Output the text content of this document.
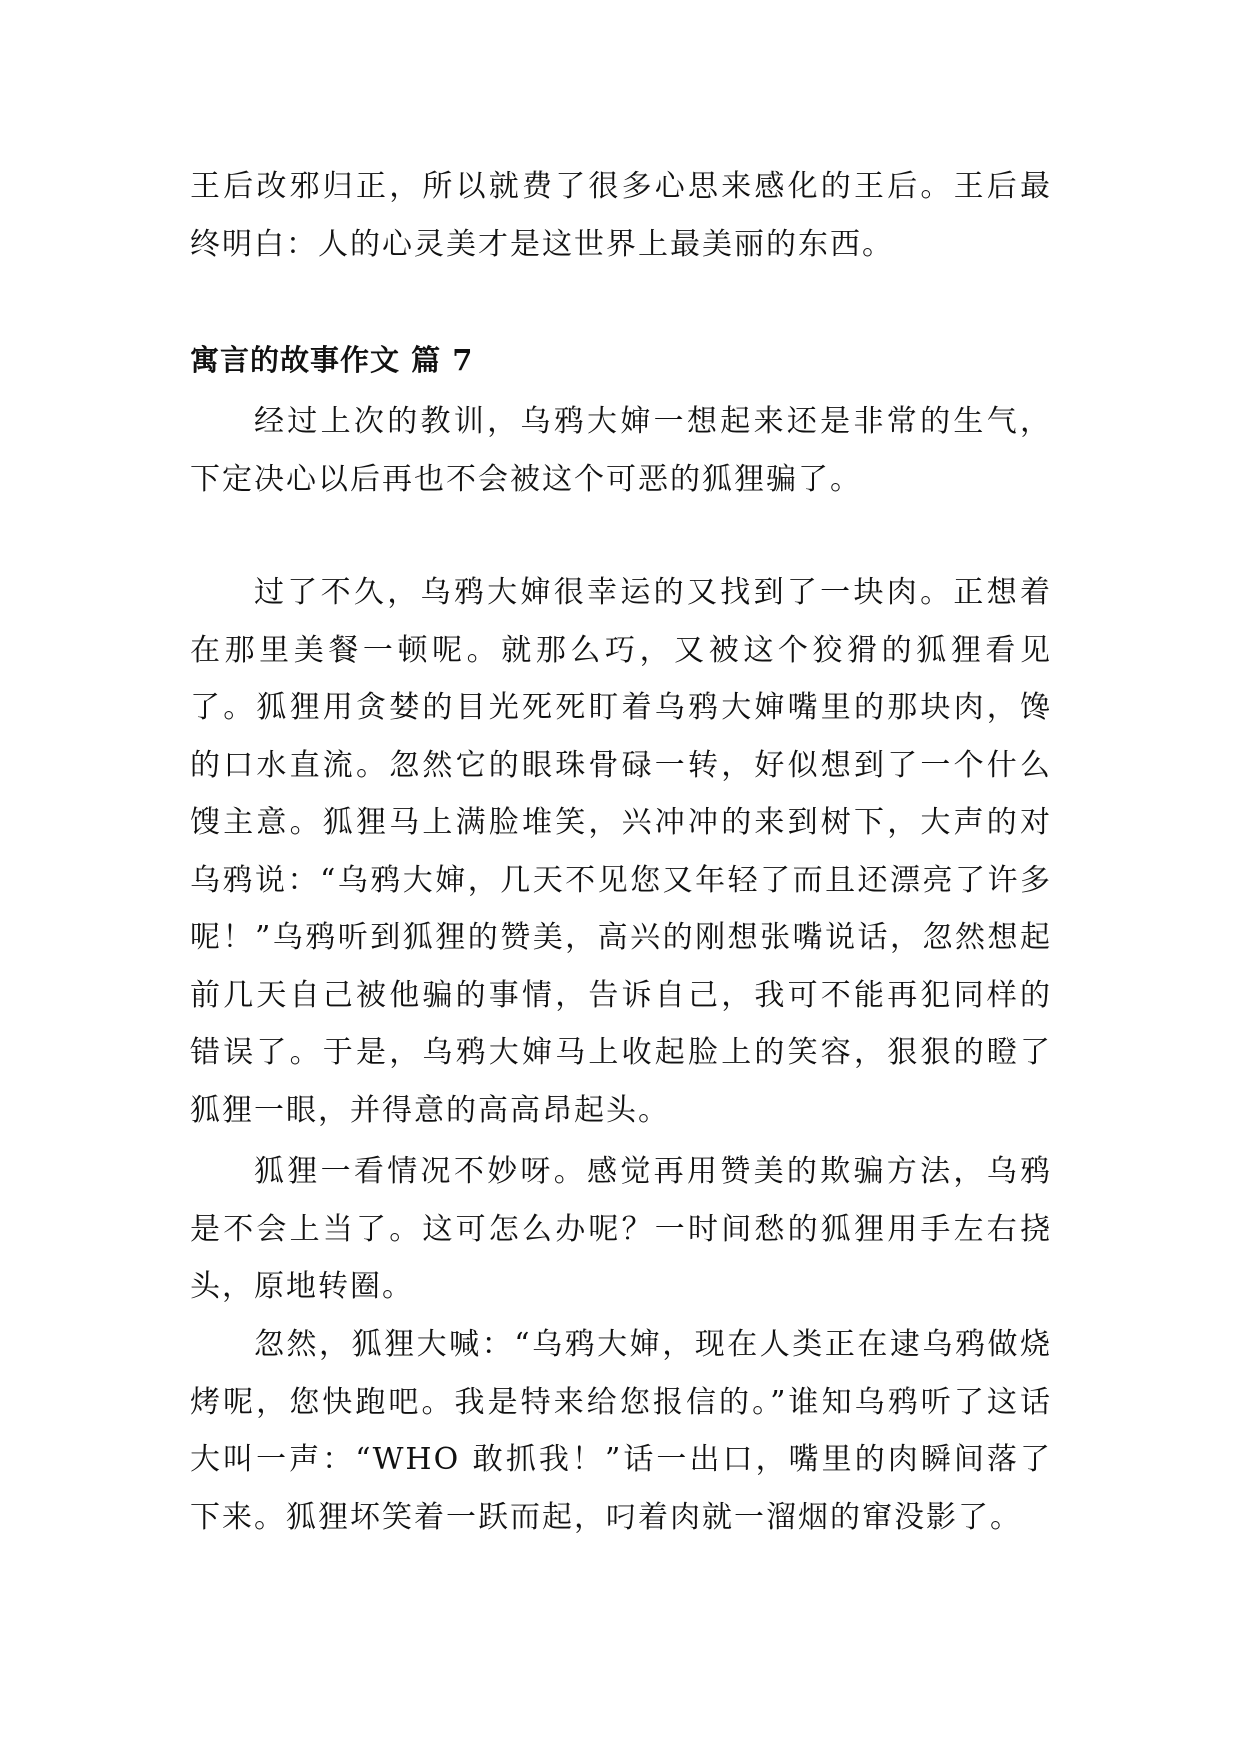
王后改邪归正，所以就费了很多心思来感化的王后。王后最终明白：人的心灵美才是这世界上最美丽的东西。

寓言的故事作文 篇 7

经过上次的教训，乌鸦大婶一想起来还是非常的生气，下定决心以后再也不会被这个可恶的狐狸骗了。

过了不久，乌鸦大婶很幸运的又找到了一块肉。正想着在那里美餐一顿呢。就那么巧，又被这个狡猾的狐狸看见了。狐狸用贪婪的目光死死盯着乌鸦大婶嘴里的那块肉，馋的口水直流。忽然它的眼珠骨碌一转，好似想到了一个什么馊主意。狐狸马上满脸堆笑，兴冲冲的来到树下，大声的对乌鸦说：“乌鸦大婶，几天不见您又年轻了而且还漂亮了许多呢！”乌鸦听到狐狸的赞美，高兴的刚想张嘴说话，忽然想起前几天自己被他骗的事情，告诉自己，我可不能再犯同样的错误了。于是，乌鸦大婶马上收起脸上的笑容，狠狠的瞪了狐狸一眼，并得意的高高昂起头。

狐狸一看情况不妙呀。感觉再用赞美的欺骗方法，乌鸦是不会上当了。这可怎么办呢？一时间愁的狐狸用手左右挠头，原地转圈。

忽然，狐狸大喊：“乌鸦大婶，现在人类正在逮乌鸦做烧烤呢，您快跑吧。我是特来给您报信的。”谁知乌鸦听了这话大叫一声：“WHO 敢抓我！”话一出口，嘴里的肉瞬间落了下来。狐狸坏笑着一跃而起，叼着肉就一溜烟的窜没影了。
